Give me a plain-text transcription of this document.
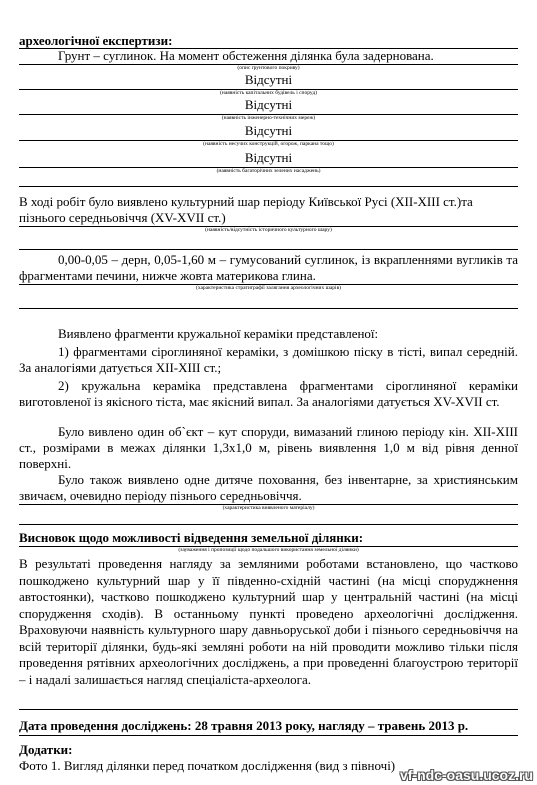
археологічної експертизи:
Грунт – суглинок. На момент обстеження ділянка була задернована.
(опис ґрунтового покриву)
Відсутні
(наявність капітальних будівель і споруд)
Відсутні
(наявність інженерно-технічних мереж)
Відсутні
(наявність несучих конструкцій, огорож, паркана тощо)
Відсутні
(наявність багаторічних зелених насаджень)
В ході робіт було виявлено культурний шар періоду Київської Русі (ХІІ-ХІІІ ст.)та
пізнього середньовіччя (XV-XVII ст.)
(наявність/відсутність історичного культурного шару)
0,00-0,05 – дерн, 0,05-1,60 м – гумусований суглинок, із вкрапленнями вугликів та фрагментами печини, нижче жовта материкова глина.
(характеристика стратиграфії залягання археологічних шарів)
Виявлено фрагменти кружальної кераміки представленої:
1) фрагментами сіроглиняної кераміки, з домішкою піску в тісті, випал середній. За аналогіями датується ХІІ-ХІІІ ст.;
2) кружальна кераміка представлена фрагментами сіроглиняної кераміки виготовленої із якісного тіста, має якісний випал. За аналогіями датується XV-XVII ст.
Було вивлено один об`єкт – кут споруди, вимазаний глиною періоду кін. ХІІ-ХІІІ ст., розмірами в межах ділянки 1,3х1,0 м, рівень виявлення 1,0 м від рівня денної поверхні.
Було також виявлено одне дитяче поховання, без інвентарне, за християнським звичаєм, очевидно періоду пізнього середньовіччя.
(характеристика виявленого матеріалу)
Висновок щодо можливості відведення земельної ділянки:
(зауваження і пропозиції щодо подальшого використання земельної ділянки)
В результаті проведення нагляду за земляними роботами встановлено, що частково пошкоджено культурний шар у її південно-східній частині (на місці споруджнення автостоянки), частково пошкоджено культурний шар у центральній частині (на місці спорудження сходів). В останньому пункті проведено археологічні дослідження. Враховуючи наявність культурного шару давньоруської доби і пізнього середньовіччя на всій території ділянки, будь-які земляні роботи на ній проводити можливо тільки після проведення рятівних археологічних досліджень, а при проведенні благоустрою території – і надалі залишається нагляд спеціаліста-археолога.
Дата проведення досліджень: 28 травня 2013 року, нагляду – травень 2013 р.
Додатки:
Фото 1. Вигляд ділянки перед початком дослідження (вид з півночі)
vf-ndc-oasu.ucoz.ru
